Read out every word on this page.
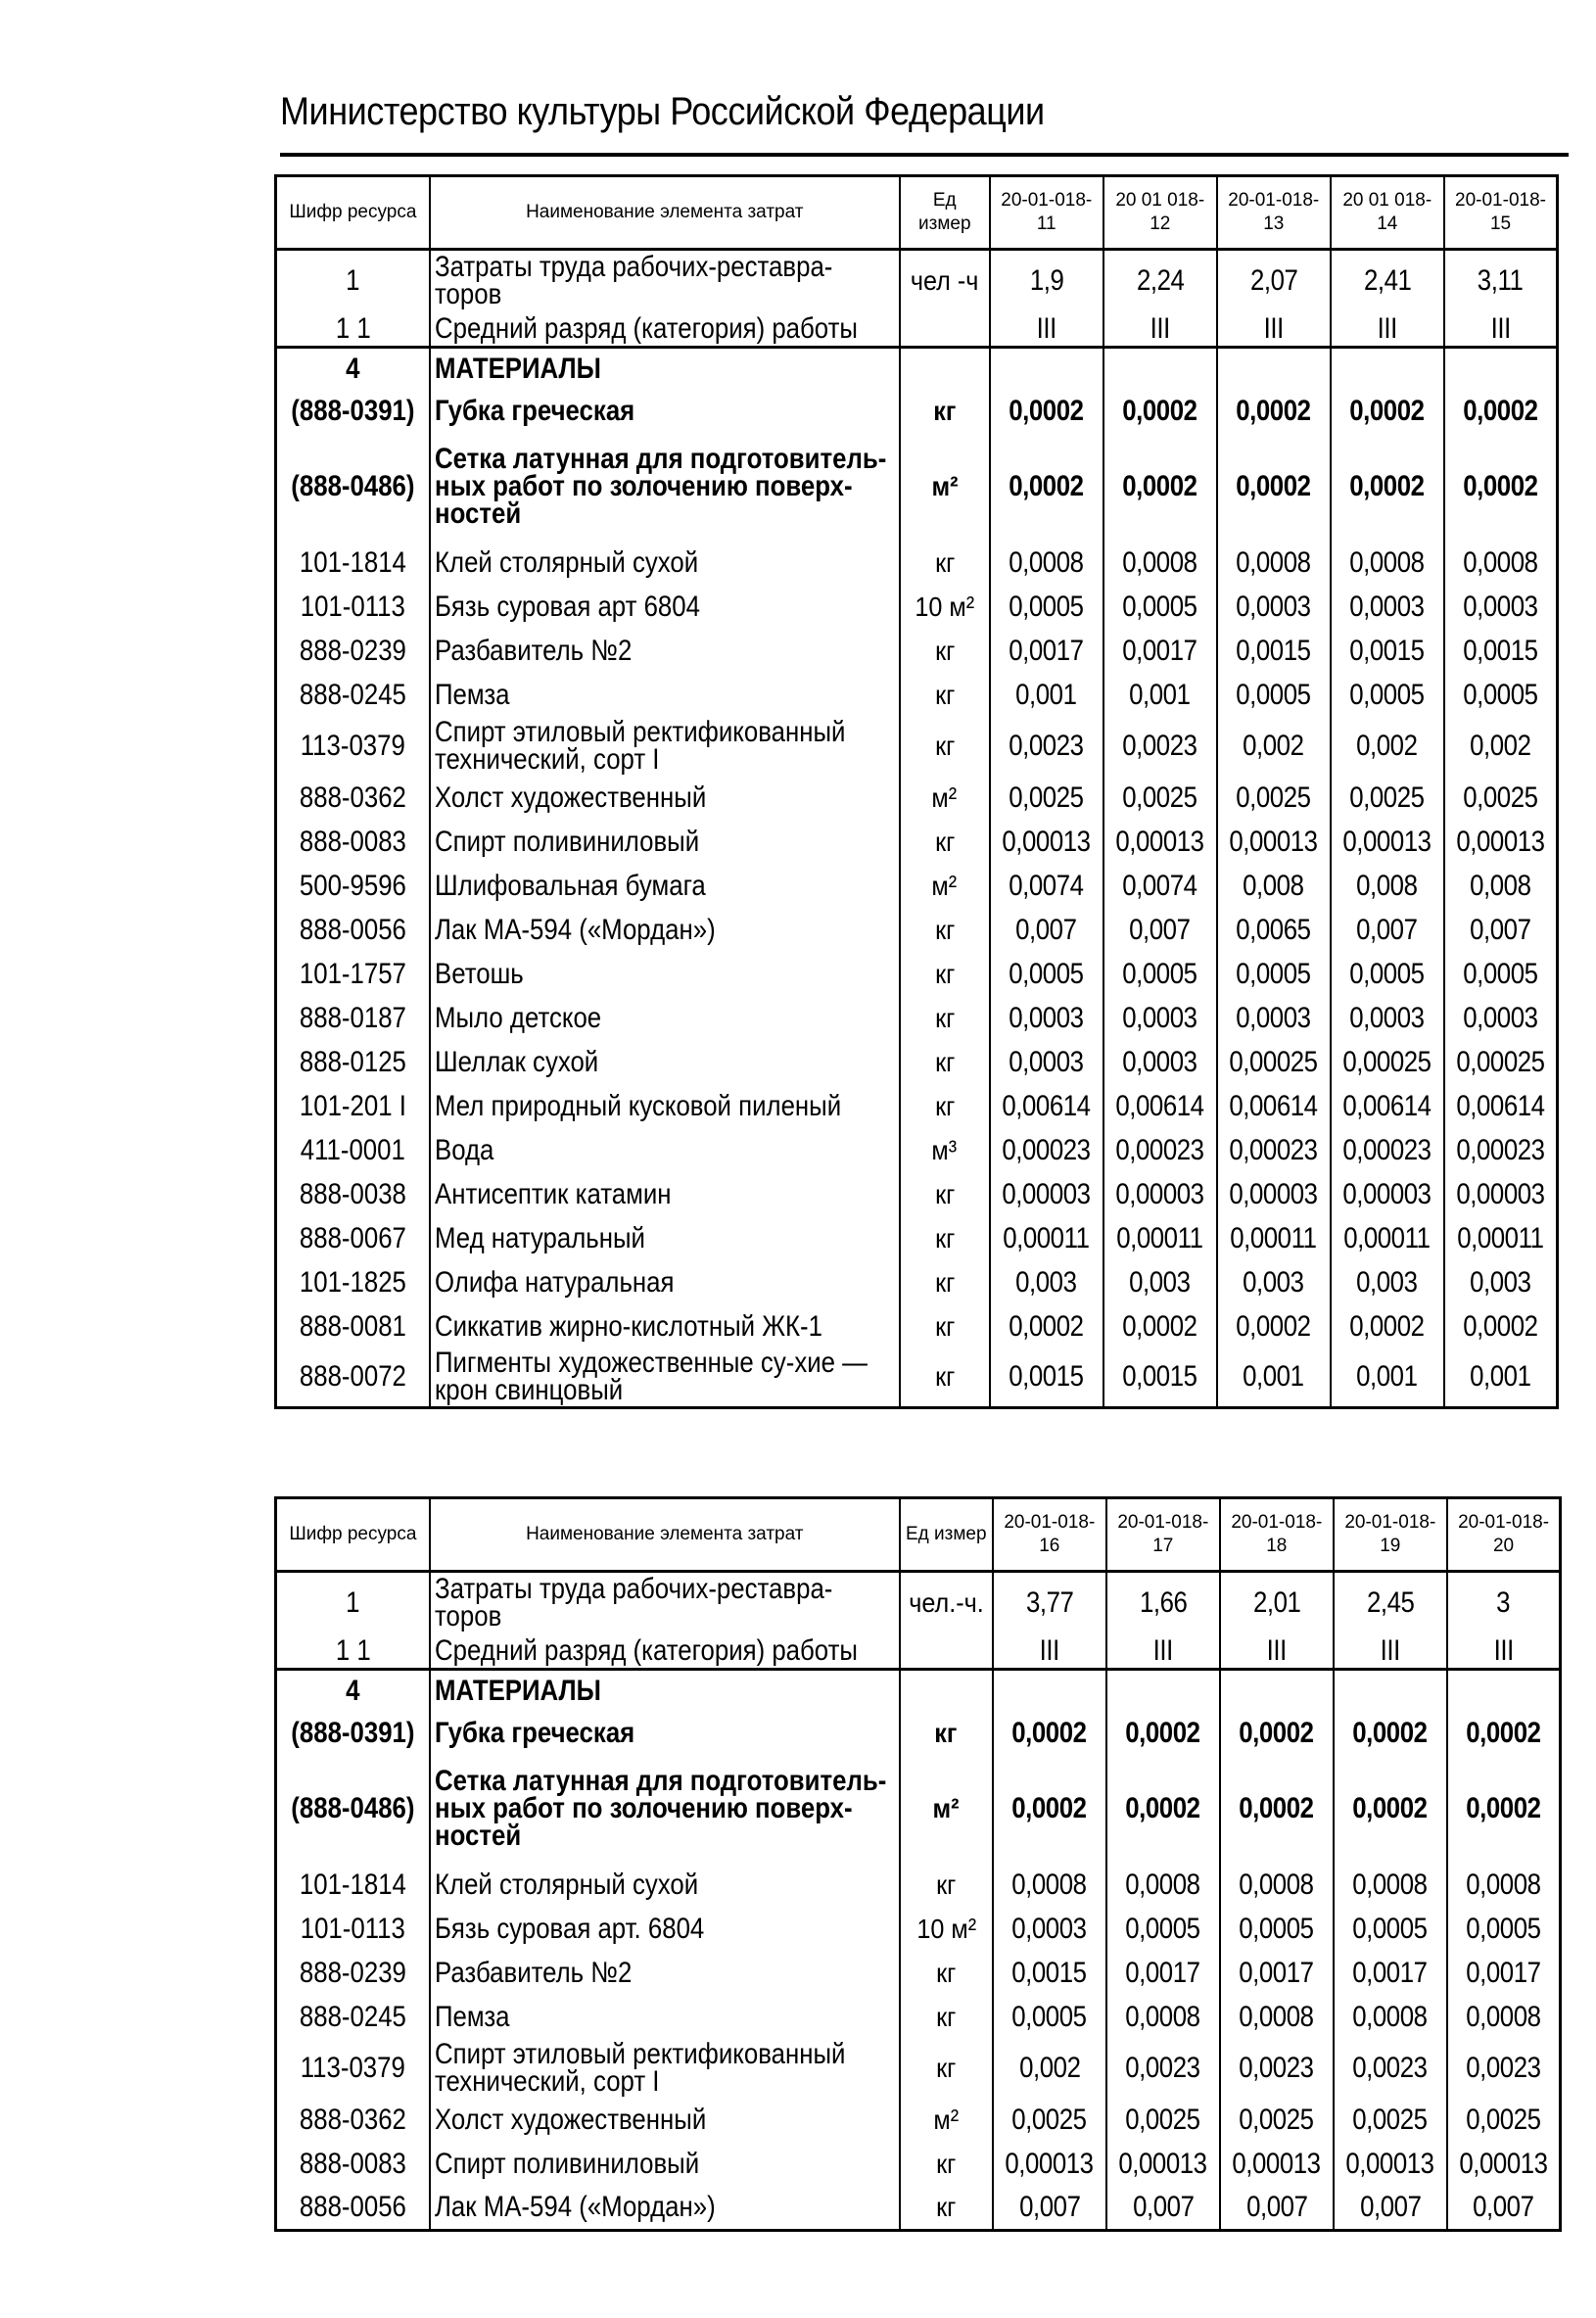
Министерство культуры Российской Федерации
Шифр ресурса	Наименование элемента затрат	Ед измер	20-01-018-11	20 01 018-12	20-01-018-13	20 01 018-14	20-01-018-15
1	Затраты труда рабочих-реставра-торов	чел -ч	1,9	2,24	2,07	2,41	3,11
1 1	Средний разряд (категория) работы		III	III	III	III	III
4	МАТЕРИАЛЫ						
(888-0391)	Губка греческая	кг	0,0002	0,0002	0,0002	0,0002	0,0002
(888-0486)	Сетка латунная для подготовитель-ных работ по золочению поверх-ностей	м²	0,0002	0,0002	0,0002	0,0002	0,0002
101-1814	Клей столярный сухой	кг	0,0008	0,0008	0,0008	0,0008	0,0008
101-0113	Бязь суровая арт 6804	10 м²	0,0005	0,0005	0,0003	0,0003	0,0003
888-0239	Разбавитель №2	кг	0,0017	0,0017	0,0015	0,0015	0,0015
888-0245	Пемза	кг	0,001	0,001	0,0005	0,0005	0,0005
113-0379	Спирт этиловый ректификованный технический, сорт I	кг	0,0023	0,0023	0,002	0,002	0,002
888-0362	Холст художественный	м²	0,0025	0,0025	0,0025	0,0025	0,0025
888-0083	Спирт поливиниловый	кг	0,00013	0,00013	0,00013	0,00013	0,00013
500-9596	Шлифовальная бумага	м²	0,0074	0,0074	0,008	0,008	0,008
888-0056	Лак МА-594 («Мордан»)	кг	0,007	0,007	0,0065	0,007	0,007
101-1757	Ветошь	кг	0,0005	0,0005	0,0005	0,0005	0,0005
888-0187	Мыло детское	кг	0,0003	0,0003	0,0003	0,0003	0,0003
888-0125	Шеллак сухой	кг	0,0003	0,0003	0,00025	0,00025	0,00025
101-201 I	Мел природный кусковой пиленый	кг	0,00614	0,00614	0,00614	0,00614	0,00614
411-0001	Вода	м³	0,00023	0,00023	0,00023	0,00023	0,00023
888-0038	Антисептик катамин	кг	0,00003	0,00003	0,00003	0,00003	0,00003
888-0067	Мед натуральный	кг	0,00011	0,00011	0,00011	0,00011	0,00011
101-1825	Олифа натуральная	кг	0,003	0,003	0,003	0,003	0,003
888-0081	Сиккатив жирно-кислотный ЖК-1	кг	0,0002	0,0002	0,0002	0,0002	0,0002
888-0072	Пигменты художественные су-хие — крон свинцовый	кг	0,0015	0,0015	0,001	0,001	0,001
Шифр ресурса	Наименование элемента затрат	Ед измер	20-01-018-16	20-01-018-17	20-01-018-18	20-01-018-19	20-01-018-20
1	Затраты труда рабочих-реставра-торов	чел.-ч.	3,77	1,66	2,01	2,45	3
1 1	Средний разряд (категория) работы		III	III	III	III	III
4	МАТЕРИАЛЫ						
(888-0391)	Губка греческая	кг	0,0002	0,0002	0,0002	0,0002	0,0002
(888-0486)	Сетка латунная для подготовитель-ных работ по золочению поверх-ностей	м²	0,0002	0,0002	0,0002	0,0002	0,0002
101-1814	Клей столярный сухой	кг	0,0008	0,0008	0,0008	0,0008	0,0008
101-0113	Бязь суровая арт. 6804	10 м²	0,0003	0,0005	0,0005	0,0005	0,0005
888-0239	Разбавитель №2	кг	0,0015	0,0017	0,0017	0,0017	0,0017
888-0245	Пемза	кг	0,0005	0,0008	0,0008	0,0008	0,0008
113-0379	Спирт этиловый ректификованный технический, сорт I	кг	0,002	0,0023	0,0023	0,0023	0,0023
888-0362	Холст художественный	м²	0,0025	0,0025	0,0025	0,0025	0,0025
888-0083	Спирт поливиниловый	кг	0,00013	0,00013	0,00013	0,00013	0,00013
888-0056	Лак МА-594 («Мордан»)	кг	0,007	0,007	0,007	0,007	0,007
